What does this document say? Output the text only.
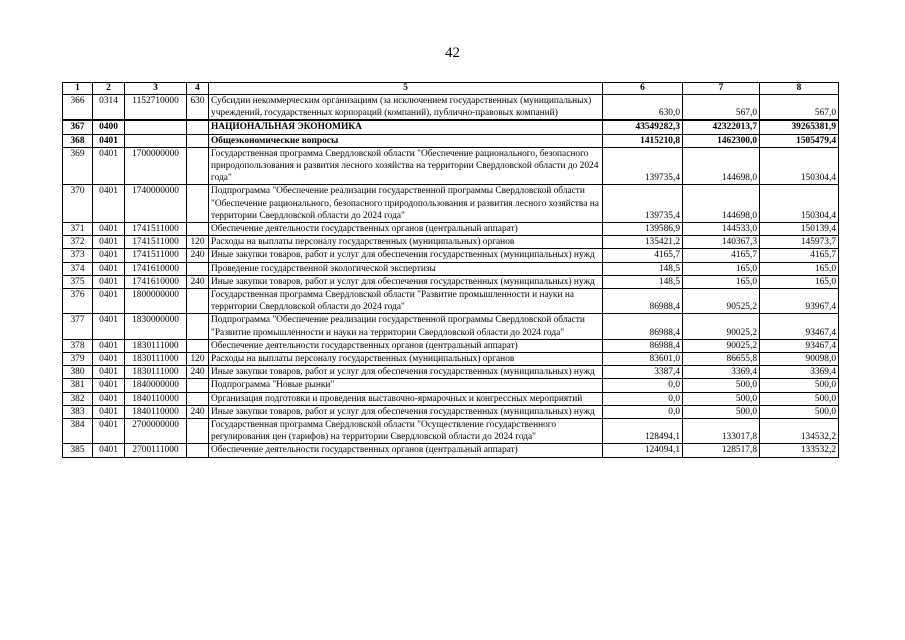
42
1	2	3	4	5	6	7	8
366	0314	1152710000	630	Субсидии некоммерческим организациям (за исключением государственных (муниципальных) учреждений, государственных корпораций (компаний), публично-правовых компаний)	630,0	567,0	567,0
367	0400			НАЦИОНАЛЬНАЯ ЭКОНОМИКА	43549282,3	42322013,7	39265381,9
368	0401			Общеэкономические вопросы	1415210,8	1462300,0	1505479,4
369	0401	1700000000		Государственная программа Свердловской области "Обеспечение рационального, безопасного природопользования и развития лесного хозяйства на территории Свердловской области до 2024 года"	139735,4	144698,0	150304,4
370	0401	1740000000		Подпрограмма "Обеспечение реализации государственной программы Свердловской области "Обеспечение рационального, безопасного природопользования и развития лесного хозяйства на территории Свердловской области до 2024 года"	139735,4	144698,0	150304,4
371	0401	1741511000		Обеспечение деятельности государственных органов (центральный аппарат)	139586,9	144533,0	150139,4
372	0401	1741511000	120	Расходы на выплаты персоналу государственных (муниципальных) органов	135421,2	140367,3	145973,7
373	0401	1741511000	240	Иные закупки товаров, работ и услуг для обеспечения государственных (муниципальных) нужд	4165,7	4165,7	4165,7
374	0401	1741610000		Проведение государственной экологической экспертизы	148,5	165,0	165,0
375	0401	1741610000	240	Иные закупки товаров, работ и услуг для обеспечения государственных (муниципальных) нужд	148,5	165,0	165,0
376	0401	1800000000		Государственная программа Свердловской области "Развитие промышленности и науки на территории Свердловской области до 2024 года"	86988,4	90525,2	93967,4
377	0401	1830000000		Подпрограмма "Обеспечение реализации государственной программы Свердловской области "Развитие промышленности и науки на территории Свердловской области до 2024 года"	86988,4	90025,2	93467,4
378	0401	1830111000		Обеспечение деятельности государственных органов (центральный аппарат)	86988,4	90025,2	93467,4
379	0401	1830111000	120	Расходы на выплаты персоналу государственных (муниципальных) органов	83601,0	86655,8	90098,0
380	0401	1830111000	240	Иные закупки товаров, работ и услуг для обеспечения государственных (муниципальных) нужд	3387,4	3369,4	3369,4
381	0401	1840000000		Подпрограмма "Новые рынки"	0,0	500,0	500,0
382	0401	1840110000		Организация подготовки и проведения выставочно-ярмарочных и конгрессных мероприятий	0,0	500,0	500,0
383	0401	1840110000	240	Иные закупки товаров, работ и услуг для обеспечения государственных (муниципальных) нужд	0,0	500,0	500,0
384	0401	2700000000		Государственная программа Свердловской области "Осуществление государственного регулирования цен (тарифов) на территории Свердловской области до 2024 года"	128494,1	133017,8	134532,2
385	0401	2700111000		Обеспечение деятельности государственных органов (центральный аппарат)	124094,1	128517,8	133532,2
